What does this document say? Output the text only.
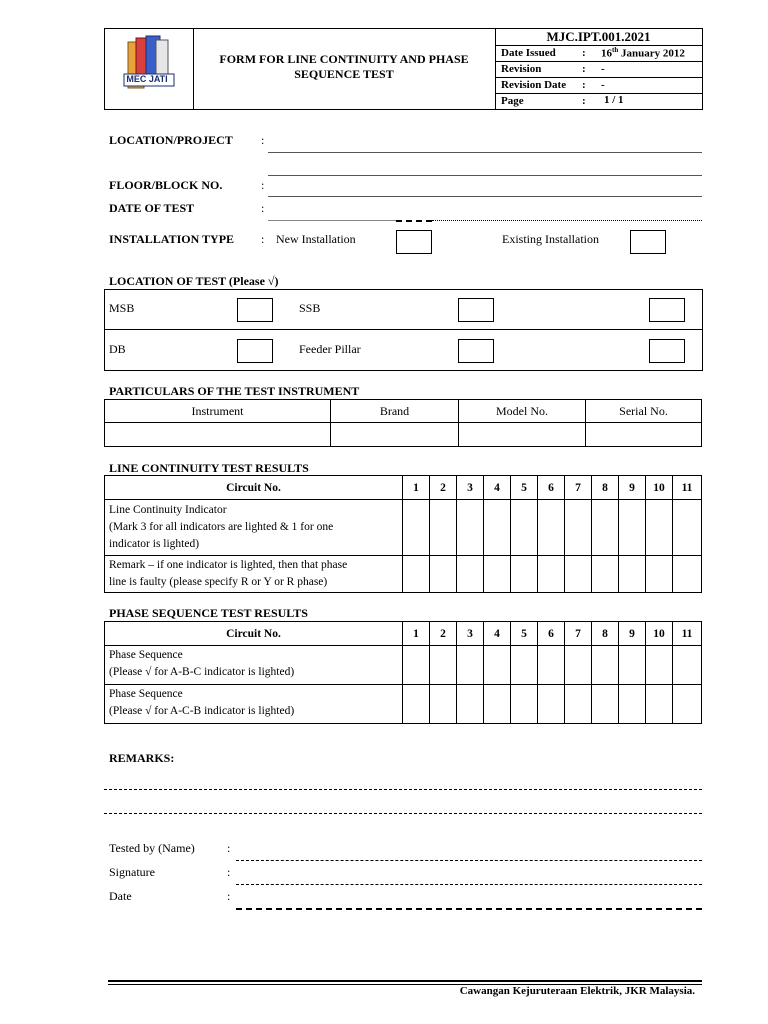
MEC JATI
FORM FOR LINE CONTINUITY AND PHASE SEQUENCE TEST
MJC.IPT.001.2021
Date Issued : 16th January 2012
Revision	: -
Revision Date : -
Page	: 1 / 1
LOCATION/PROJECT :
FLOOR/BLOCK NO.	:
DATE OF TEST	:
INSTALLATION TYPE : New Installation	Existing Installation
LOCATION OF TEST (Please √)
MSB	SSB
DB	Feeder Pillar
PARTICULARS OF THE TEST INSTRUMENT
Instrument	Brand	Model No.	Serial No.

LINE CONTINUITY TEST RESULTS
Circuit No.	1	2	3	4	5	6	7	8	9	10	11

Line Continuity Indicator
(Mark 3 for all indicators are lighted & 1 for one
indicator is lighted)											

Remark – if one indicator is lighted, then that phase
line is faulty (please specify R or Y or R phase)											

PHASE SEQUENCE TEST RESULTS
Circuit No.	1	2	3	4	5	6	7	8	9	10	11

Phase Sequence
(Please √ for A-B-C indicator is lighted)											

Phase Sequence
(Please √ for A-C-B indicator is lighted)											

REMARKS:
Tested by (Name)	:
Signature	:
Date	:
Cawangan Kejuruteraan Elektrik, JKR Malaysia.
